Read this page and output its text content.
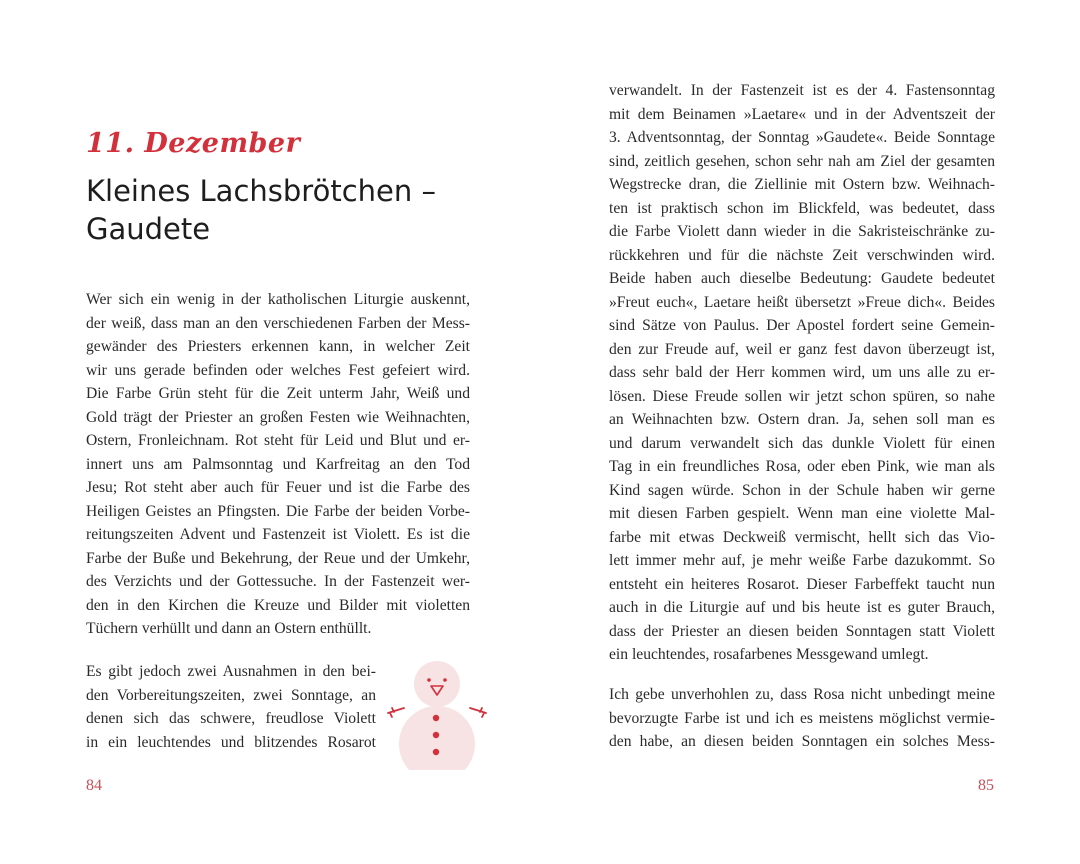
11. Dezember
Kleines Lachsbrötchen –
Gaudete
Wer sich ein wenig in der katholischen Liturgie auskennt,
der weiß, dass man an den verschiedenen Farben der Mess-
gewänder des Priesters erkennen kann, in welcher Zeit
wir uns gerade befinden oder welches Fest gefeiert wird.
Die Farbe Grün steht für die Zeit unterm Jahr, Weiß und
Gold trägt der Priester an großen Festen wie Weihnachten,
Ostern, Fronleichnam. Rot steht für Leid und Blut und er-
innert uns am Palmsonntag und Karfreitag an den Tod
Jesu; Rot steht aber auch für Feuer und ist die Farbe des
Heiligen Geistes an Pfingsten. Die Farbe der beiden Vorbe-
reitungszeiten Advent und Fastenzeit ist Violett. Es ist die
Farbe der Buße und Bekehrung, der Reue und der Umkehr,
des Verzichts und der Gottessuche. In der Fastenzeit wer-
den in den Kirchen die Kreuze und Bilder mit violetten
Tüchern verhüllt und dann an Ostern enthüllt.
Es gibt jedoch zwei Ausnahmen in den bei-
den Vorbereitungszeiten, zwei Sonntage, an
denen sich das schwere, freudlose Violett
in ein leuchtendes und blitzendes Rosarot
84
verwandelt. In der Fastenzeit ist es der 4. Fastensonntag
mit dem Beinamen »Laetare« und in der Adventszeit der
3. Adventsonntag, der Sonntag »Gaudete«. Beide Sonntage
sind, zeitlich gesehen, schon sehr nah am Ziel der gesamten
Wegstrecke dran, die Ziellinie mit Ostern bzw. Weihnach-
ten ist praktisch schon im Blickfeld, was bedeutet, dass
die Farbe Violett dann wieder in die Sakristeischränke zu-
rückkehren und für die nächste Zeit verschwinden wird.
Beide haben auch dieselbe Bedeutung: Gaudete bedeutet
»Freut euch«, Laetare heißt übersetzt »Freue dich«. Beides
sind Sätze von Paulus. Der Apostel fordert seine Gemein-
den zur Freude auf, weil er ganz fest davon überzeugt ist,
dass sehr bald der Herr kommen wird, um uns alle zu er-
lösen. Diese Freude sollen wir jetzt schon spüren, so nahe
an Weihnachten bzw. Ostern dran. Ja, sehen soll man es
und darum verwandelt sich das dunkle Violett für einen
Tag in ein freundliches Rosa, oder eben Pink, wie man als
Kind sagen würde. Schon in der Schule haben wir gerne
mit diesen Farben gespielt. Wenn man eine violette Mal-
farbe mit etwas Deckweiß vermischt, hellt sich das Vio-
lett immer mehr auf, je mehr weiße Farbe dazukommt. So
entsteht ein heiteres Rosarot. Dieser Farbeffekt taucht nun
auch in die Liturgie auf und bis heute ist es guter Brauch,
dass der Priester an diesen beiden Sonntagen statt Violett
ein leuchtendes, rosafarbenes Messgewand umlegt.
Ich gebe unverhohlen zu, dass Rosa nicht unbedingt meine
bevorzugte Farbe ist und ich es meistens möglichst vermie-
den habe, an diesen beiden Sonntagen ein solches Mess-
85
